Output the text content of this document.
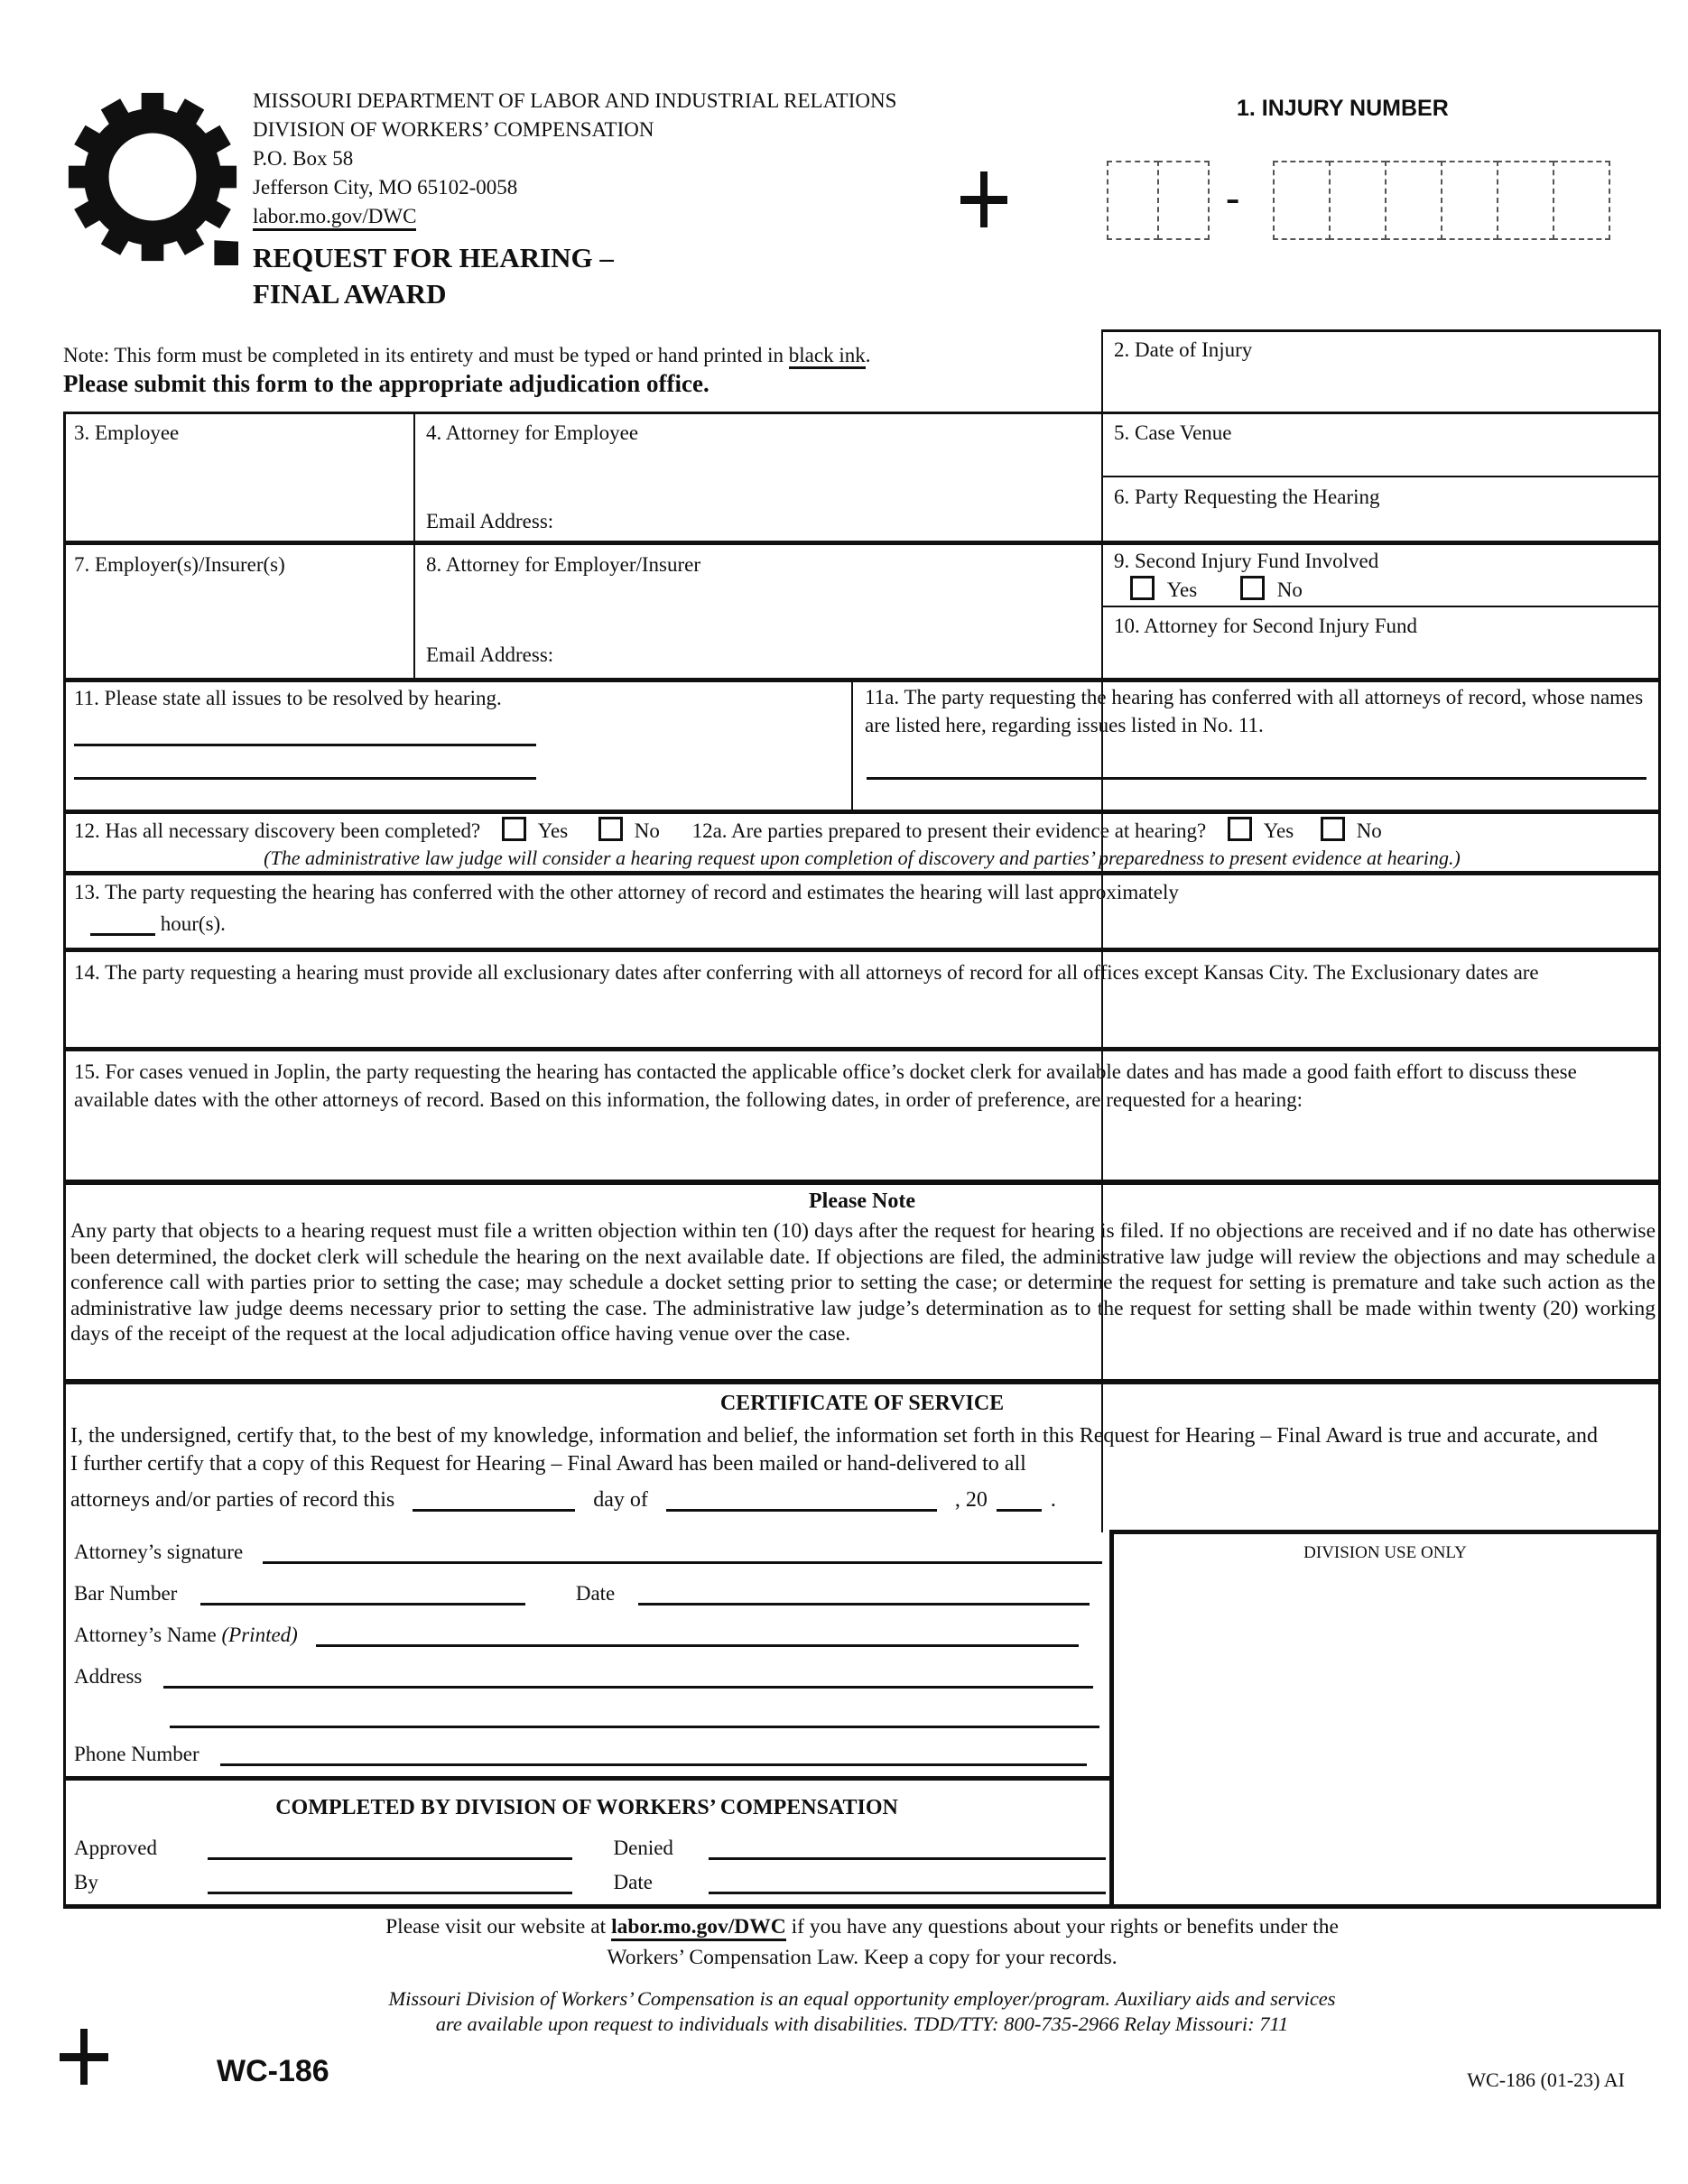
MISSOURI DEPARTMENT OF LABOR AND INDUSTRIAL RELATIONS
DIVISION OF WORKERS’ COMPENSATION
P.O. Box 58
Jefferson City, MO 65102-0058
labor.mo.gov/DWC
REQUEST FOR HEARING –
FINAL AWARD
1. INJURY NUMBER
-
Note: This form must be completed in its entirety and must be typed or hand printed in black ink.
Please submit this form to the appropriate adjudication office.
2. Date of Injury
5. Case Venue
6. Party Requesting the Hearing
9. Second Injury Fund Involved
Yes	No
10. Attorney for Second Injury Fund
3. Employee	4. Attorney for Employee
Email Address:
7. Employer(s)/Insurer(s)	8. Attorney for Employer/Insurer
Email Address:
11. Please state all issues to be resolved by hearing.	11a. The party requesting the hearing has conferred with all attorneys of record, whose names are listed here, regarding issues listed in No. 11.
12. Has all necessary discovery been completed?	Yes	No 12a. Are parties prepared to present their evidence at hearing?	Yes	No
(The administrative law judge will consider a hearing request upon completion of discovery and parties’ preparedness to present evidence at hearing.)
13. The party requesting the hearing has conferred with the other attorney of record and estimates the hearing will last approximately
hour(s).
14. The party requesting a hearing must provide all exclusionary dates after conferring with all attorneys of record for all offices except Kansas City. The Exclusionary dates are
15. For cases venued in Joplin, the party requesting the hearing has contacted the applicable office’s docket clerk for available dates and has made a good faith effort to discuss these available dates with the other attorneys of record. Based on this information, the following dates, in order of preference, are requested for a hearing:
Please Note
Any party that objects to a hearing request must file a written objection within ten (10) days after the request for hearing is filed. If no objections are received and if no date has otherwise been determined, the docket clerk will schedule the hearing on the next available date. If objections are filed, the administrative law judge will review the objections and may schedule a conference call with parties prior to setting the case; may schedule a docket setting prior to setting the case; or determine the request for setting is premature and take such action as the administrative law judge deems necessary prior to setting the case. The administrative law judge’s determination as to the request for setting shall be made within twenty (20) working days of the receipt of the request at the local adjudication office having venue over the case.
CERTIFICATE OF SERVICE
I, the undersigned, certify that, to the best of my knowledge, information and belief, the information set forth in this Request for Hearing – Final Award is true and accurate, and I further certify that a copy of this Request for Hearing – Final Award has been mailed or hand-delivered to all
attorneys and/or parties of record this	day of	, 20	.
Attorney’s signature
Bar Number	Date
Attorney’s Name (Printed)
Address
Phone Number
DIVISION USE ONLY
COMPLETED BY DIVISION OF WORKERS’ COMPENSATION
Approved	Denied
By	Date
Please visit our website at labor.mo.gov/DWC if you have any questions about your rights or benefits under the
Workers’ Compensation Law. Keep a copy for your records.
Missouri Division of Workers’ Compensation is an equal opportunity employer/program. Auxiliary aids and services
are available upon request to individuals with disabilities. TDD/TTY: 800-735-2966 Relay Missouri: 711
WC-186	WC-186 (01-23) AI
